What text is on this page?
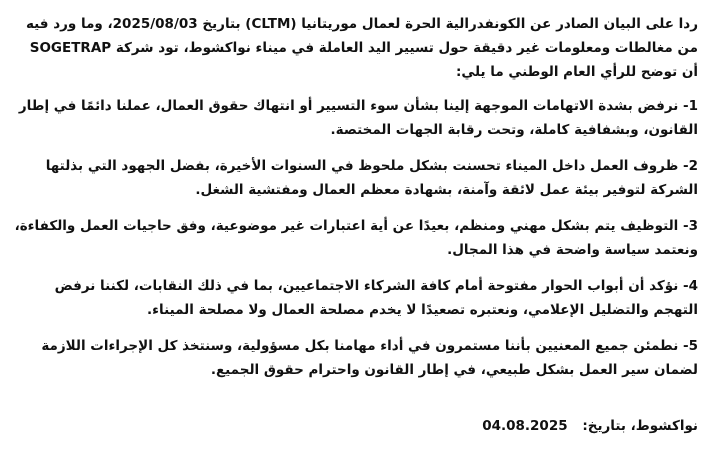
ردا على البيان الصادر عن الكونفدرالية الحرة لعمال موريتانيا (CLTM) بتاريخ 2025/08/03، وما ورد فيه من مغالطات ومعلومات غير دقيقة حول تسيير اليد العاملة في ميناء نواكشوط، تود شركة SOGETRAP أن توضح للرأي العام الوطني ما يلي:

1- نرفض بشدة الاتهامات الموجهة إلينا بشأن سوء التسيير أو انتهاك حقوق العمال، عملنا دائمًا في إطار القانون، وبشفافية كاملة، وتحت رقابة الجهات المختصة.

2- ظروف العمل داخل الميناء تحسنت بشكل ملحوظ في السنوات الأخيرة، بفضل الجهود التي بذلتها الشركة لتوفير بيئة عمل لائقة وآمنة، بشهادة معظم العمال ومفتشية الشغل.

3- التوظيف يتم بشكل مهني ومنظم، بعيدًا عن أية اعتبارات غير موضوعية، وفق حاجيات العمل والكفاءة، ونعتمد سياسة واضحة في هذا المجال.

4- نؤكد أن أبواب الحوار مفتوحة أمام كافة الشركاء الاجتماعيين، بما في ذلك النقابات، لكننا نرفض التهجم والتضليل الإعلامي، ونعتبره تصعيدًا لا يخدم مصلحة العمال ولا مصلحة الميناء.

5- نطمئن جميع المعنيين بأننا مستمرون في أداء مهامنا بكل مسؤولية، وسنتخذ كل الإجراءات اللازمة لضمان سير العمل بشكل طبيعي، في إطار القانون واحترام حقوق الجميع.

نواكشوط، بتاريخ: 04.08.2025
